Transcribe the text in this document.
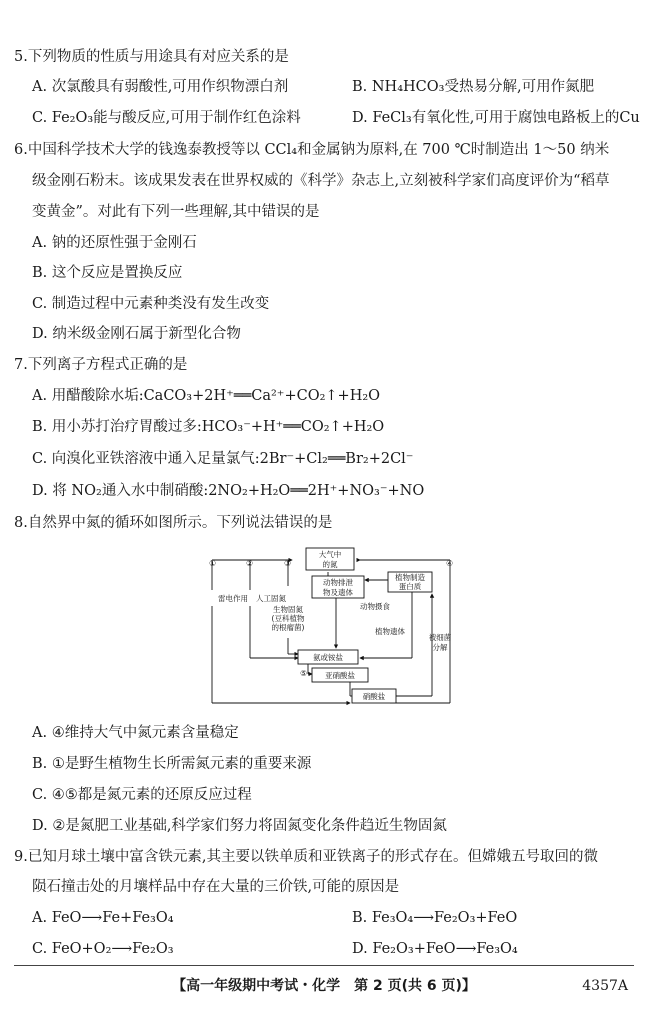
5.下列物质的性质与用途具有对应关系的是
A. 次氯酸具有弱酸性,可用作织物漂白剂	B. NH₄HCO₃受热易分解,可用作氮肥
C. Fe₂O₃能与酸反应,可用于制作红色涂料	D. FeCl₃有氧化性,可用于腐蚀电路板上的Cu
6.中国科学技术大学的钱逸泰教授等以 CCl₄和金属钠为原料,在 700 ℃时制造出 1～50 纳米
级金刚石粉末。该成果发表在世界权威的《科学》杂志上,立刻被科学家们高度评价为“稻草
变黄金”。对此有下列一些理解,其中错误的是
A. 钠的还原性强于金刚石
B. 这个反应是置换反应
C. 制造过程中元素种类没有发生改变
D. 纳米级金刚石属于新型化合物
7.下列离子方程式正确的是
A. 用醋酸除水垢:CaCO₃+2H⁺══Ca²⁺+CO₂↑+H₂O
B. 用小苏打治疗胃酸过多:HCO₃⁻+H⁺══CO₂↑+H₂O
C. 向溴化亚铁溶液中通入足量氯气:2Br⁻+Cl₂══Br₂+2Cl⁻
D. 将 NO₂通入水中制硝酸:2NO₂+H₂O══2H⁺+NO₃⁻+NO
8.自然界中氮的循环如图所示。下列说法错误的是
大气中
的氮
动物排泄
物及遗体
植物制造
蛋白质
氨或铵盐
亚硝酸盐
硝酸盐
动物摄食
雷电作用 人工固氮
生物固氮
(豆科植物
的根瘤菌)	植物遗体
被细菌
分解
①	②	③	④
⑤
A. ④维持大气中氮元素含量稳定
B. ①是野生植物生长所需氮元素的重要来源
C. ④⑤都是氮元素的还原反应过程
D. ②是氮肥工业基础,科学家们努力将固氮变化条件趋近生物固氮
9.已知月球土壤中富含铁元素,其主要以铁单质和亚铁离子的形式存在。但嫦娥五号取回的微
陨石撞击处的月壤样品中存在大量的三价铁,可能的原因是
A. FeO⟶Fe+Fe₃O₄	B. Fe₃O₄⟶Fe₂O₃+FeO
C. FeO+O₂⟶Fe₂O₃	D. Fe₂O₃+FeO⟶Fe₃O₄
【高一年级期中考试・化学　第 2 页(共 6 页)】	4357A
